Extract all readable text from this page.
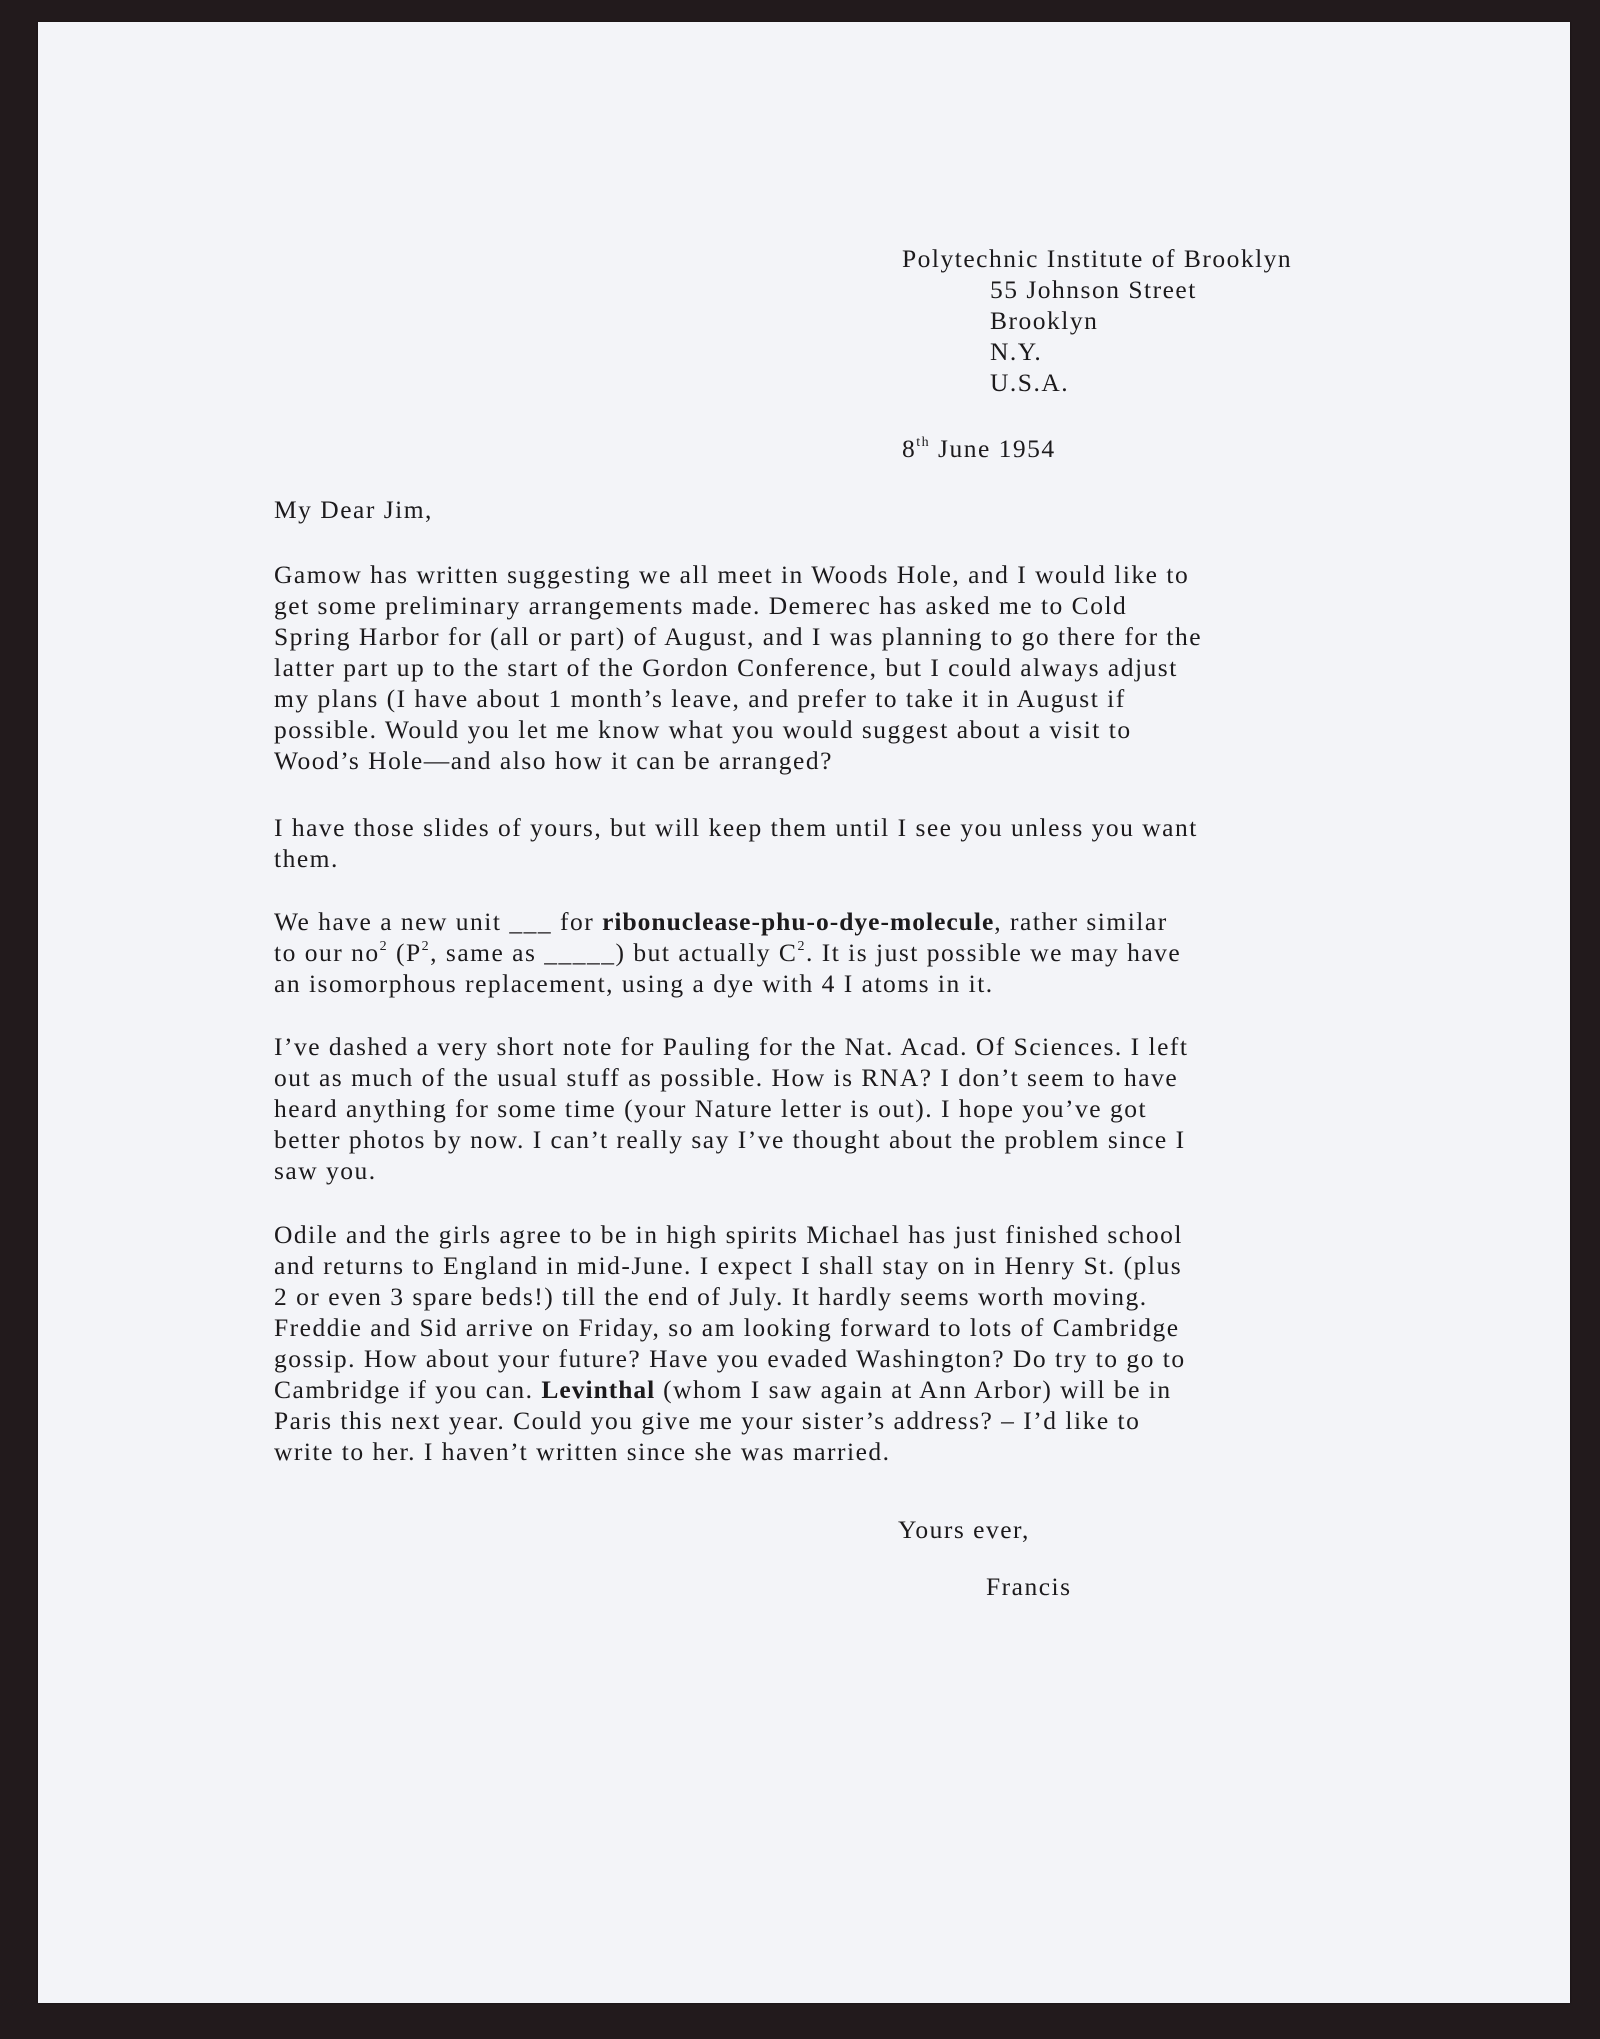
Polytechnic Institute of Brooklyn
55 Johnson Street
Brooklyn
N.Y.
U.S.A.
8th June 1954
My Dear Jim,
Gamow has written suggesting we all meet in Woods Hole, and I would like to
get some preliminary arrangements made. Demerec has asked me to Cold
Spring Harbor for (all or part) of August, and I was planning to go there for the
latter part up to the start of the Gordon Conference, but I could always adjust
my plans (I have about 1 month’s leave, and prefer to take it in August if
possible. Would you let me know what you would suggest about a visit to
Wood’s Hole—and also how it can be arranged?
I have those slides of yours, but will keep them until I see you unless you want
them.
We have a new unit ___ for ribonuclease-phu-o-dye-molecule, rather similar
to our $no^2$ ($P^2$, same as _____) but actually $C^2$. It is just possible we may have
an isomorphous replacement, using a dye with 4 I atoms in it.
I’ve dashed a very short note for Pauling for the Nat. Acad. Of Sciences. I left
out as much of the usual stuff as possible. How is RNA? I don’t seem to have
heard anything for some time (your Nature letter is out). I hope you’ve got
better photos by now. I can’t really say I’ve thought about the problem since I
saw you.
Odile and the girls agree to be in high spirits Michael has just finished school
and returns to England in mid-June. I expect I shall stay on in Henry St. (plus
2 or even 3 spare beds!) till the end of July. It hardly seems worth moving.
Freddie and Sid arrive on Friday, so am looking forward to lots of Cambridge
gossip. How about your future? Have you evaded Washington? Do try to go to
Cambridge if you can. Levinthal (whom I saw again at Ann Arbor) will be in
Paris this next year. Could you give me your sister’s address? – I’d like to
write to her. I haven’t written since she was married.
Yours ever,
Francis
